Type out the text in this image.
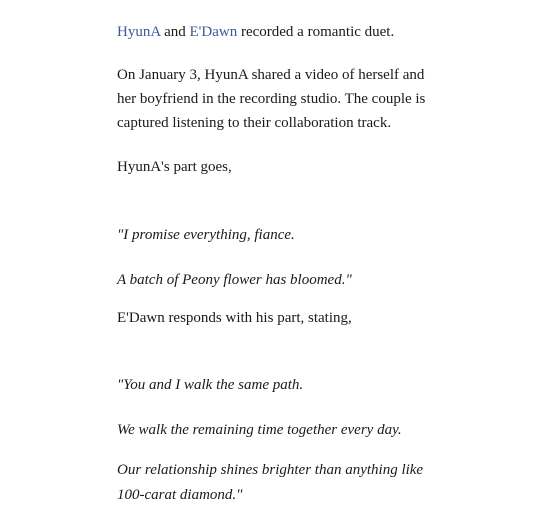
HyunA and E'Dawn recorded a romantic duet.

On January 3, HyunA shared a video of herself and

her boyfriend in the recording studio. The couple is

captured listening to their collaboration track.

HyunA's part goes,

"I promise everything, fiance.

A batch of Peony flower has bloomed."

E'Dawn responds with his part, stating,

"You and I walk the same path.

We walk the remaining time together every day.

Our relationship shines brighter than anything like

100-carat diamond."
